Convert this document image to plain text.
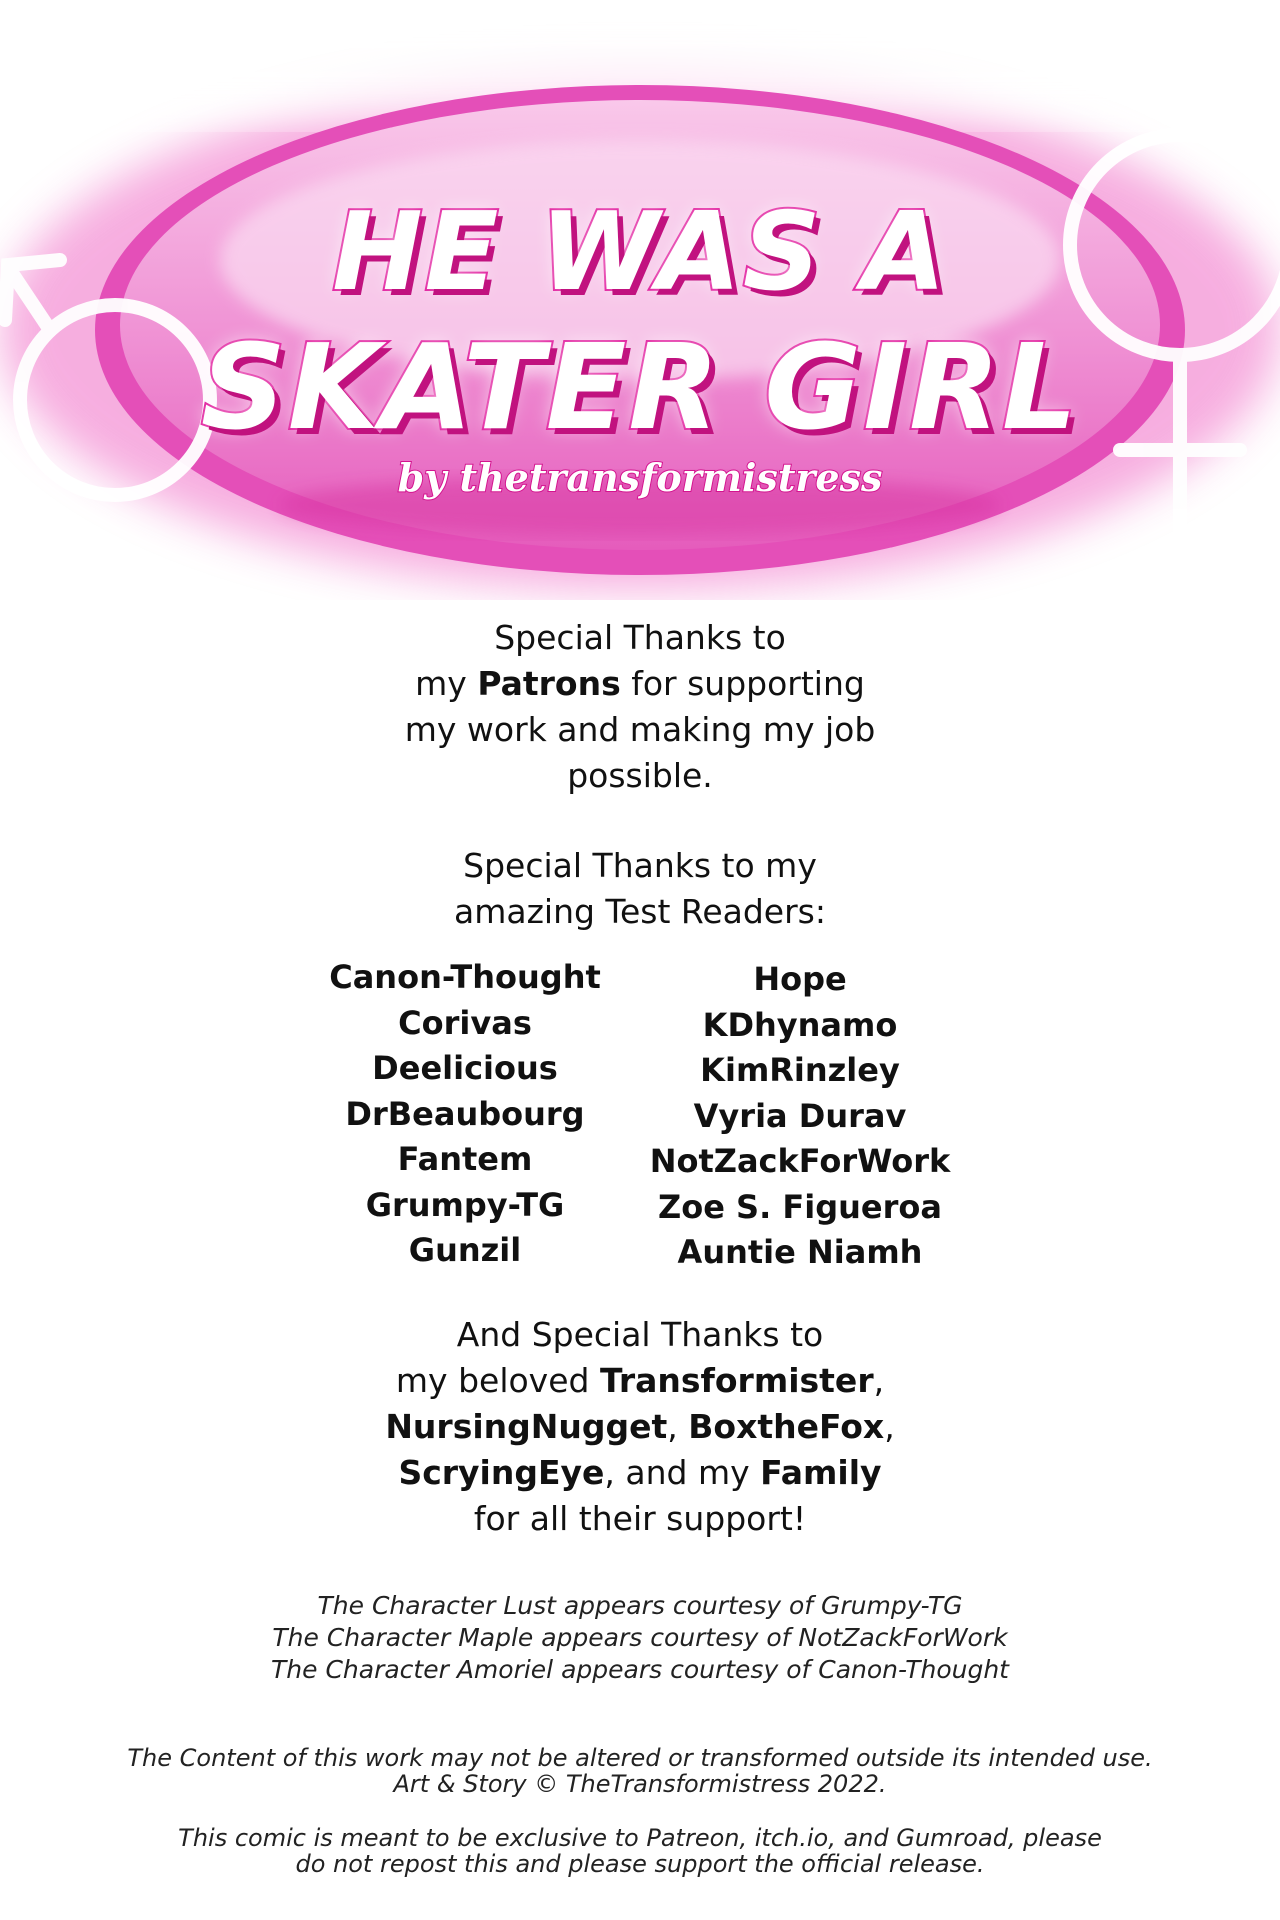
HE WAS A
SKATER GIRL
by thetransformistress
Special Thanks to
my Patrons for supporting
my work and making my job
possible.
Special Thanks to my
amazing Test Readers:
Canon-Thought
Corivas
Deelicious
DrBeaubourg
Fantem
Grumpy-TG
Gunzil
Hope
KDhynamo
KimRinzley
Vyria Durav
NotZackForWork
Zoe S. Figueroa
Auntie Niamh
And Special Thanks to
my beloved Transformister,
NursingNugget, BoxtheFox,
ScryingEye, and my Family
for all their support!
The Character Lust appears courtesy of Grumpy-TG
The Character Maple appears courtesy of NotZackForWork
The Character Amoriel appears courtesy of Canon-Thought
The Content of this work may not be altered or transformed outside its intended use.
Art & Story © TheTransformistress 2022.
This comic is meant to be exclusive to Patreon, itch.io, and Gumroad, please
do not repost this and please support the official release.
